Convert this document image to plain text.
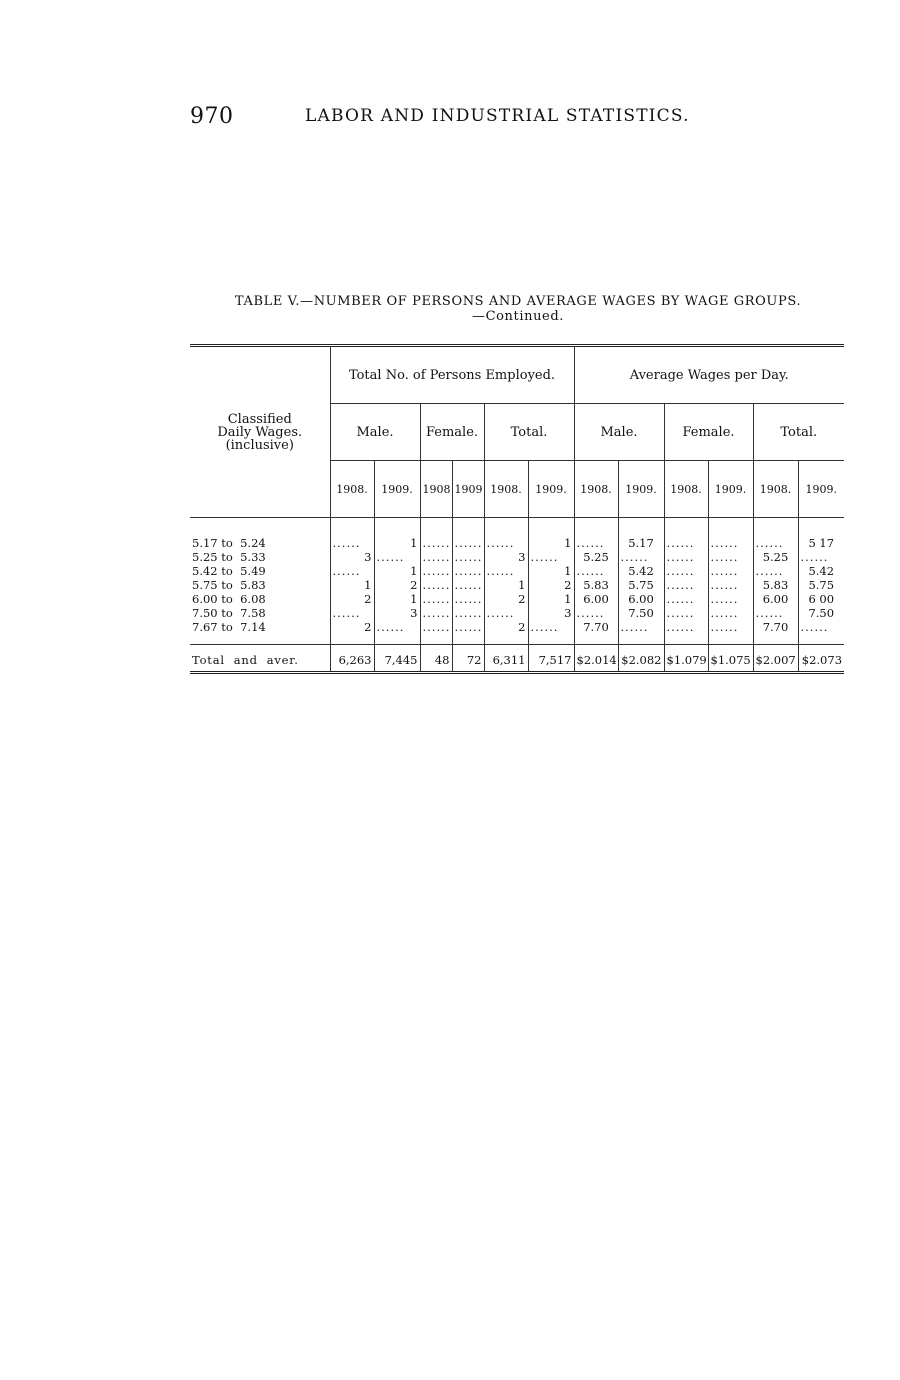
970	LABOR AND INDUSTRIAL STATISTICS.
TABLE V.—NUMBER OF PERSONS AND AVERAGE WAGES BY WAGE GROUPS.
—Continued.
Classified
Daily Wages.
(inclusive)	Total No. of Persons Employed.						Average Wages per Day.					
	Male.		Female.		Total.		Male.		Female.		Total.	
	1908.	1909.	1908	1909	1908.	1909.	1908.	1909.	1908.	1909.	1908.	1909.

5.17 to  5.24	......	1	......	......	......	1	......	5.17	......	......	......	5 17
5.25 to  5.33	3	......	......	......	3	......	5.25	......	......	......	5.25	......
5.42 to  5.49	......	1	......	......	......	1	......	5.42	......	......	......	5.42
5.75 to  5.83	1	2	......	......	1	2	5.83	5.75	......	......	5.83	5.75
6.00 to  6.08	2	1	......	......	2	1	6.00	6.00	......	......	6.00	6 00
7.50 to  7.58	......	3	......	......	......	3	......	7.50	......	......	......	7.50
7.67 to  7.14	2	......	......	......	2	......	7.70	......	......	......	7.70	......

Total  and  aver.	6,263	7,445	48	72	6,311	7,517	$2.014	$2.082	$1.079	$1.075	$2.007	$2.073
